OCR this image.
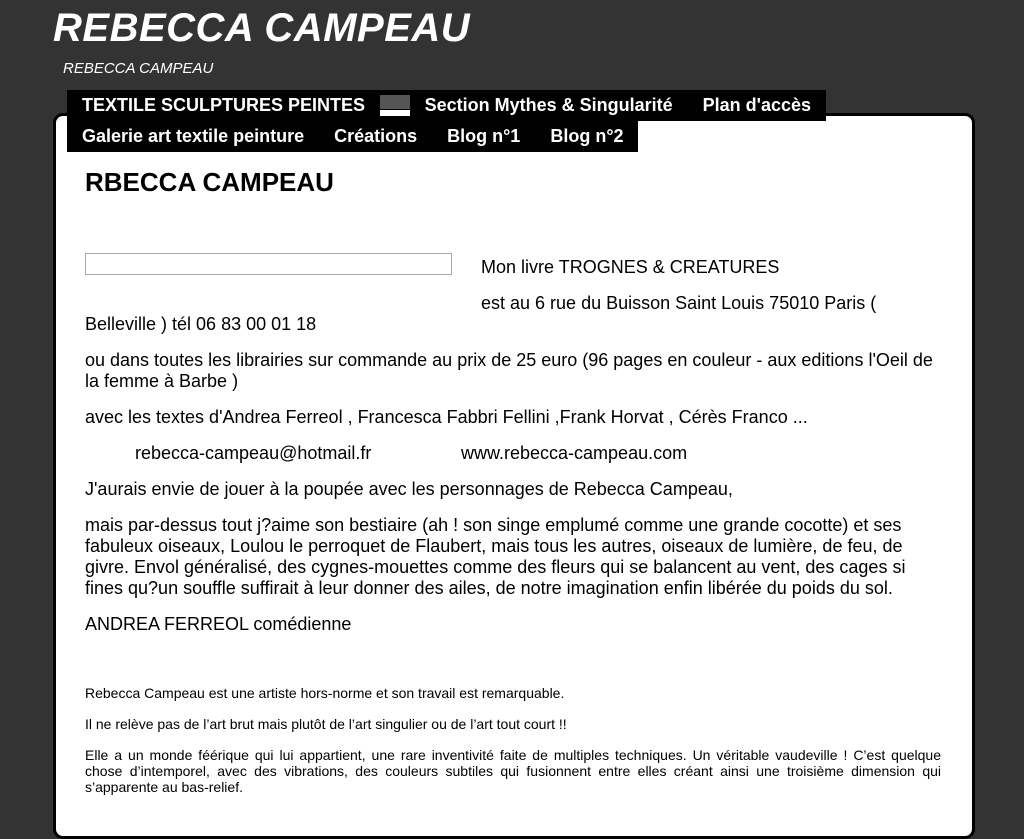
REBECCA CAMPEAU
REBECCA CAMPEAU
TEXTILE SCULPTURES PEINTES	Section Mythes & Singularité	Plan d'accès
Galerie art textile peinture	Créations	Blog n°1	Blog n°2
RBECCA CAMPEAU

Mon livre TROGNES & CREATURES

est au 6 rue du Buisson Saint Louis 75010 Paris (

Belleville ) tél 06 83 00 01 18

ou dans toutes les librairies sur commande au prix de 25 euro (96 pages en couleur - aux editions l'Oeil de la femme à Barbe )

avec les textes d'Andrea Ferreol , Francesca Fabbri Fellini ,Frank Horvat , Cérès Franco ...

rebecca-campeau@hotmail.fr	www.rebecca-campeau.com

J'aurais envie de jouer à la poupée avec les personnages de Rebecca Campeau,

mais par-dessus tout j?aime son bestiaire (ah ! son singe emplumé comme une grande cocotte) et ses fabuleux oiseaux, Loulou le perroquet de Flaubert, mais tous les autres, oiseaux de lumière, de feu, de givre. Envol généralisé, des cygnes-mouettes comme des fleurs qui se balancent au vent, des cages si fines qu?un souffle suffirait à leur donner des ailes, de notre imagination enfin libérée du poids du sol.

ANDREA FERREOL comédienne

Rebecca Campeau est une artiste hors-norme et son travail est remarquable.

Il ne relève pas de l’art brut mais plutôt de l’art singulier ou de l’art tout court !!

Elle a un monde féérique qui lui appartient, une rare inventivité faite de multiples techniques. Un véritable vaudeville ! C’est quelque chose d’intemporel, avec des vibrations, des couleurs subtiles qui fusionnent entre elles créant ainsi une troisième dimension qui s’apparente au bas-relief.
